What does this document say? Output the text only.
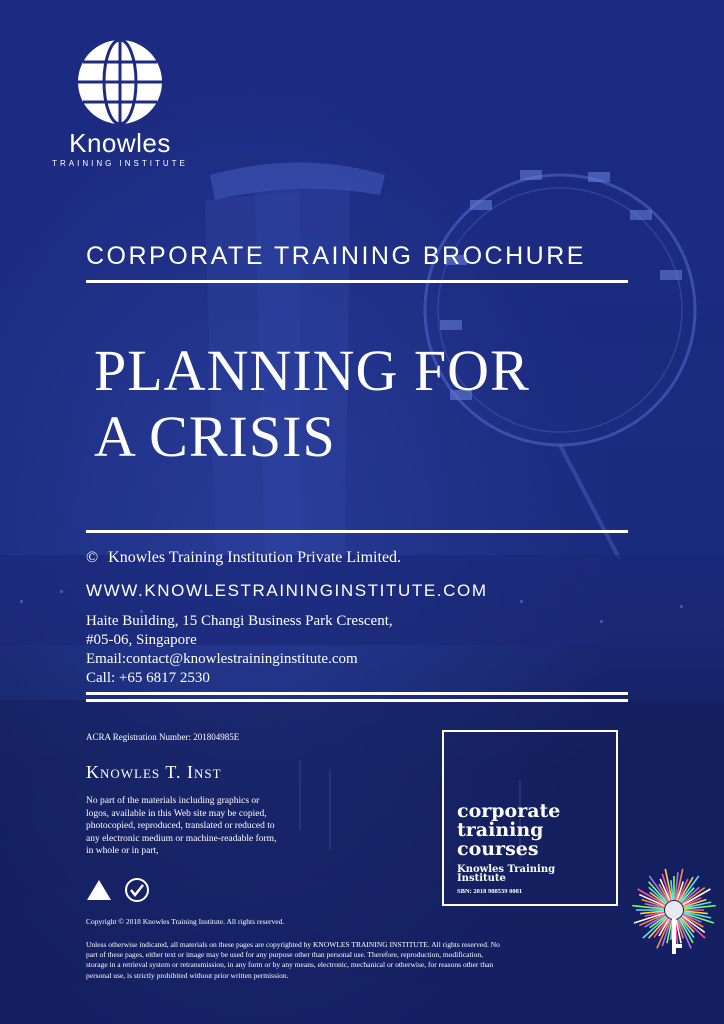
Knowles
TRAINING INSTITUTE
CORPORATE TRAINING BROCHURE
PLANNING FOR
A CRISIS
© Knowles Training Institution Private Limited.
WWW.KNOWLESTRAININGINSTITUTE.COM
Haite Building, 15 Changi Business Park Crescent,
#05-06, Singapore
Email:contact@knowlestraininginstitute.com
Call: +65 6817 2530
ACRA Registration Number: 201804985E
Knowles T. Inst
No part of the materials including graphics or
logos, available in this Web site may be copied,
photocopied, reproduced, translated or reduced to
any electronic medium or machine-readable form,
in whole or in part,

Copyright © 2018 Knowles Training Institute. All rights reserved.
Unless otherwise indicated, all materials on these pages are copyrighted by KNOWLES TRAINING INSTITUTE. All rights reserved. No
part of these pages, either text or image may be used for any purpose other than personal use. Therefore, reproduction, modification,
storage in a retrieval system or retransmission, in any form or by any means, electronic, mechanical or otherwise, for reasons other than
personal use, is strictly prohibited without prior written permission.
corporate
training
courses
Knowles Training
Institute
SBN: 2018 988539 0081
